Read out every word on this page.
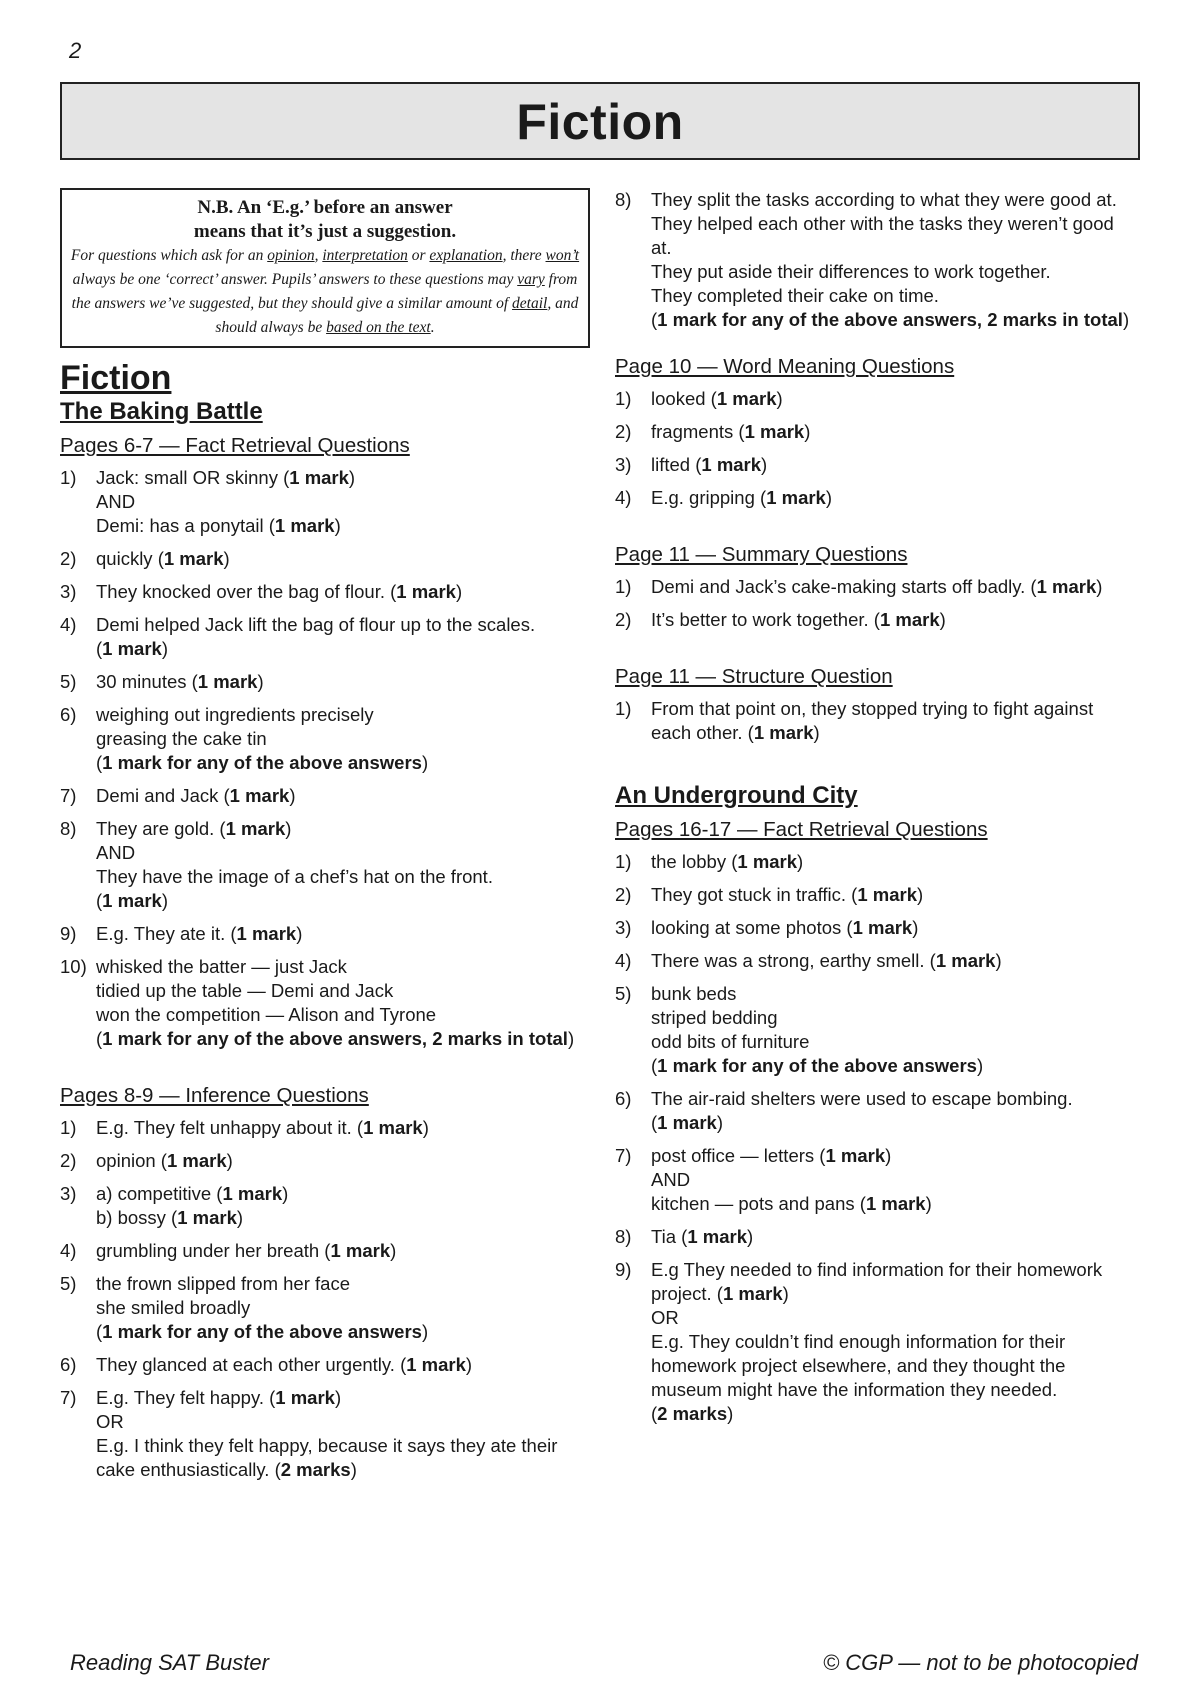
2
Fiction
N.B. An ‘E.g.’ before an answer
means that it’s just a suggestion.
For questions which ask for an opinion, interpretation or explanation, there won’t always be one ‘correct’ answer. Pupils’ answers to these questions may vary from the answers we’ve suggested, but they should give a similar amount of detail, and should always be based on the text.
Fiction
The Baking Battle
Pages 6-7 — Fact Retrieval Questions
1)	Jack: small OR skinny (1 mark)
AND
Demi: has a ponytail (1 mark)
2)	quickly (1 mark)
3)	They knocked over the bag of flour. (1 mark)
4)	Demi helped Jack lift the bag of flour up to the scales.
(1 mark)
5)	30 minutes (1 mark)
6)	weighing out ingredients precisely
greasing the cake tin
(1 mark for any of the above answers)
7)	Demi and Jack (1 mark)
8)	They are gold. (1 mark)
AND
They have the image of a chef’s hat on the front.
(1 mark)
9)	E.g. They ate it. (1 mark)
10) whisked the batter — just Jack
tidied up the table — Demi and Jack
won the competition — Alison and Tyrone
(1 mark for any of the above answers, 2 marks in total)
Pages 8-9 — Inference Questions
1)	E.g. They felt unhappy about it. (1 mark)
2)	opinion (1 mark)
3)	a) competitive (1 mark)
b) bossy (1 mark)
4)	grumbling under her breath (1 mark)
5)	the frown slipped from her face
she smiled broadly
(1 mark for any of the above answers)
6)	They glanced at each other urgently. (1 mark)
7)	E.g. They felt happy. (1 mark)
OR
E.g. I think they felt happy, because it says they ate their
cake enthusiastically. (2 marks)
8)	They split the tasks according to what they were good at.
They helped each other with the tasks they weren’t good
at.
They put aside their differences to work together.
They completed their cake on time.
(1 mark for any of the above answers, 2 marks in total)
Page 10 — Word Meaning Questions
1)	looked (1 mark)
2)	fragments (1 mark)
3)	lifted (1 mark)
4)	E.g. gripping (1 mark)
Page 11 — Summary Questions
1)	Demi and Jack’s cake-making starts off badly. (1 mark)
2)	It’s better to work together. (1 mark)
Page 11 — Structure Question
1)	From that point on, they stopped trying to fight against
each other. (1 mark)
An Underground City
Pages 16-17 — Fact Retrieval Questions
1)	the lobby (1 mark)
2)	They got stuck in traffic. (1 mark)
3)	looking at some photos (1 mark)
4)	There was a strong, earthy smell. (1 mark)
5)	bunk beds
striped bedding
odd bits of furniture
(1 mark for any of the above answers)
6)	The air-raid shelters were used to escape bombing.
(1 mark)
7)	post office — letters (1 mark)
AND
kitchen — pots and pans (1 mark)
8)	Tia (1 mark)
9)	E.g They needed to find information for their homework
project. (1 mark)
OR
E.g. They couldn’t find enough information for their
homework project elsewhere, and they thought the
museum might have the information they needed.
(2 marks)
Reading SAT Buster	© CGP — not to be photocopied
